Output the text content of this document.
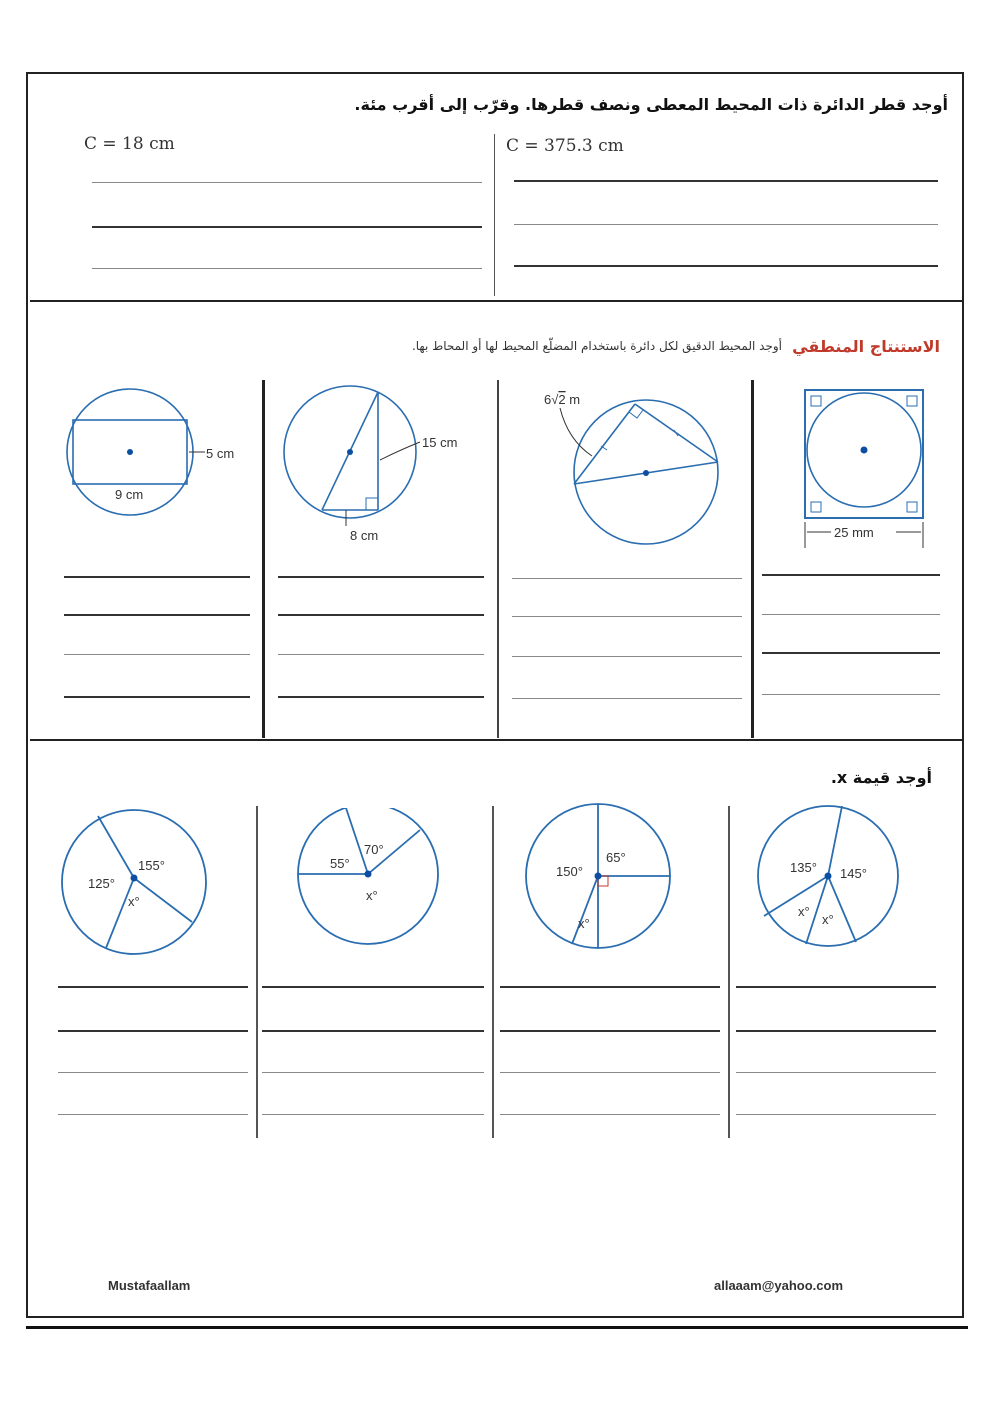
أوجد قطر الدائرة ذات المحيط المعطى ونصف قطرها. وقرّب إلى أقرب مئة.
C = 18 cm	C = 375.3 cm
الاستنتاج المنطقي
أوجد المحيط الدقيق لكل دائرة باستخدام المضلّع المحيط لها أو المحاط بها.
5 cm
9 cm
15 cm
8 cm
6√2 m
25 mm
أوجد قيمة x.
125°
155°
x°
55°
70°
x°
150°
65°
x°
135° 145°
x°
x°
Mustafaallam	allaaam@yahoo.com
